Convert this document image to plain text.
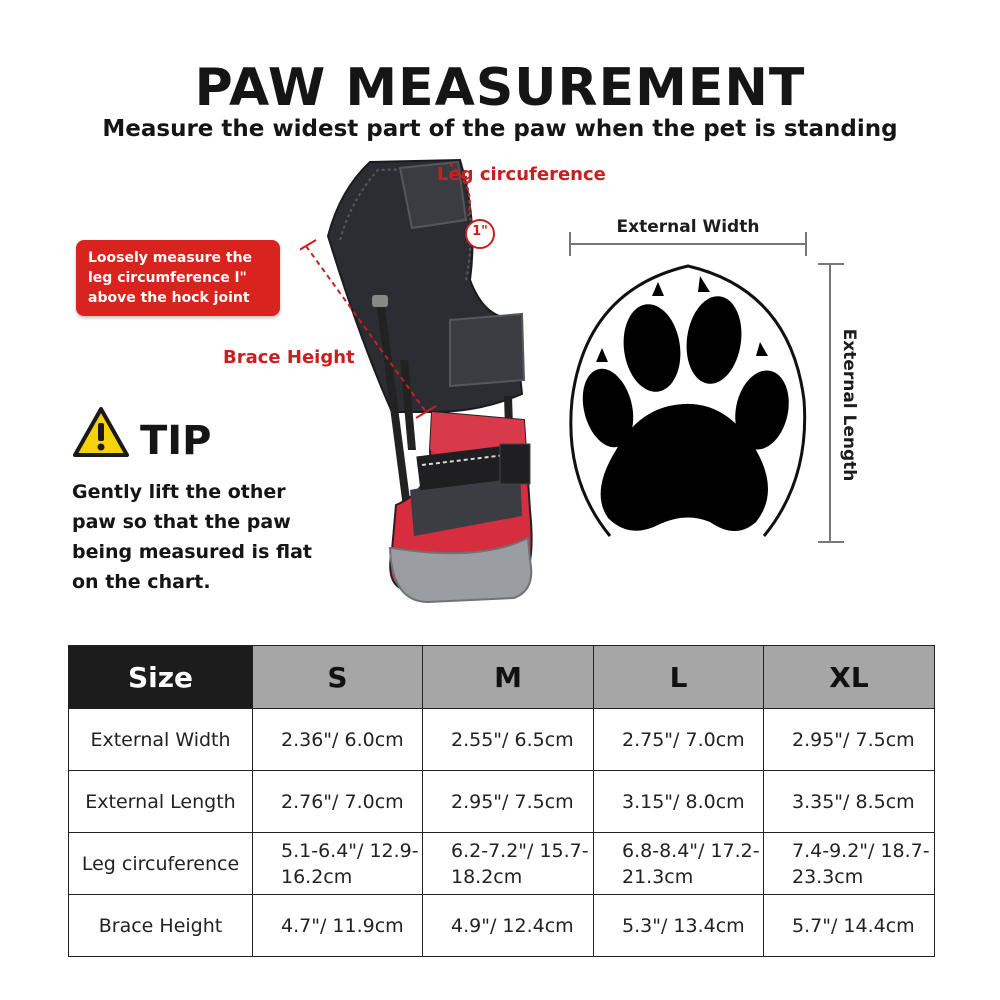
PAW MEASUREMENT
Measure the widest part of the paw when the pet is standing
Leg circuference
1"
Brace Height
Loosely measure the leg circumference l" above the hock joint
TIP
Gently lift the other paw so that the paw being measured is flat on the chart.
External Width
External Length
Size	S	M	L	XL
External Width	2.36"/ 6.0cm	2.55"/ 6.5cm	2.75"/ 7.0cm	2.95"/ 7.5cm
External Length	2.76"/ 7.0cm	2.95"/ 7.5cm	3.15"/ 8.0cm	3.35"/ 8.5cm
Leg circuference	5.1-6.4"/ 12.9-16.2cm	6.2-7.2"/ 15.7-18.2cm	6.8-8.4"/ 17.2-21.3cm	7.4-9.2"/ 18.7-23.3cm
Brace Height	4.7"/ 11.9cm	4.9"/ 12.4cm	5.3"/ 13.4cm	5.7"/ 14.4cm
